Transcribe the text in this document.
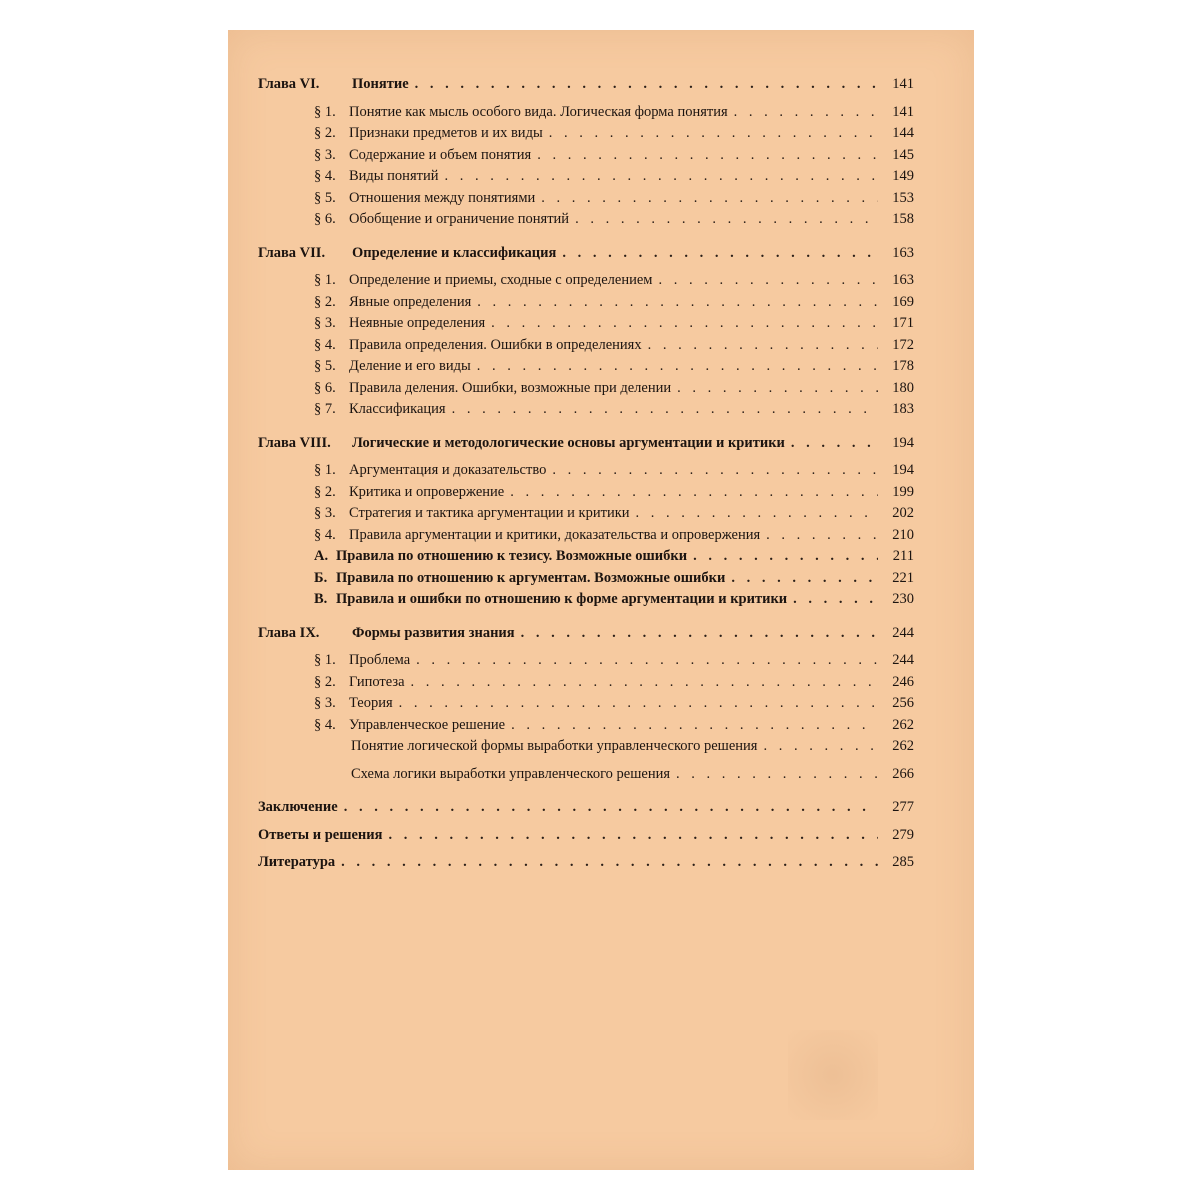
Глава VI.	Понятие . . .	141
§ 1. Понятие как мысль особого вида. Логическая форма понятия . . .	141
§ 2. Признаки предметов и их виды . . .	144
§ 3. Содержание и объем понятия . . .	145
§ 4. Виды понятий . . .	149
§ 5. Отношения между понятиями . . .	153
§ 6. Обобщение и ограничение понятий . . .	158
Глава VII.	Определение и классификация . . .	163
§ 1. Определение и приемы, сходные с определением . . .	163
§ 2. Явные определения . . .	169
§ 3. Неявные определения . . .	171
§ 4. Правила определения. Ошибки в определениях . . .	172
§ 5. Деление и его виды . . .	178
§ 6. Правила деления. Ошибки, возможные при делении . . .	180
§ 7. Классификация . . .	183
Глава VIII.	Логические и методологические основы аргументации и критики . . .	194
§ 1. Аргументация и доказательство . . .	194
§ 2. Критика и опровержение . . .	199
§ 3. Стратегия и тактика аргументации и критики . . .	202
§ 4. Правила аргументации и критики, доказательства и опровержения . . .	210
А. Правила по отношению к тезису. Возможные ошибки . . .	211
Б. Правила по отношению к аргументам. Возможные ошибки . . .	221
В. Правила и ошибки по отношению к форме аргументации и критики . . .	230
Глава IX.	Формы развития знания . . .	244
§ 1. Проблема . . .	244
§ 2. Гипотеза . . .	246
§ 3. Теория . . .	256
§ 4. Управленческое решение . . .	262
Понятие логической формы выработки управленческого решения . . .	262
Схема логики выработки управленческого решения . . .	266
Заключение . . .	277
Ответы и решения . . .	279
Литература . . .	285
